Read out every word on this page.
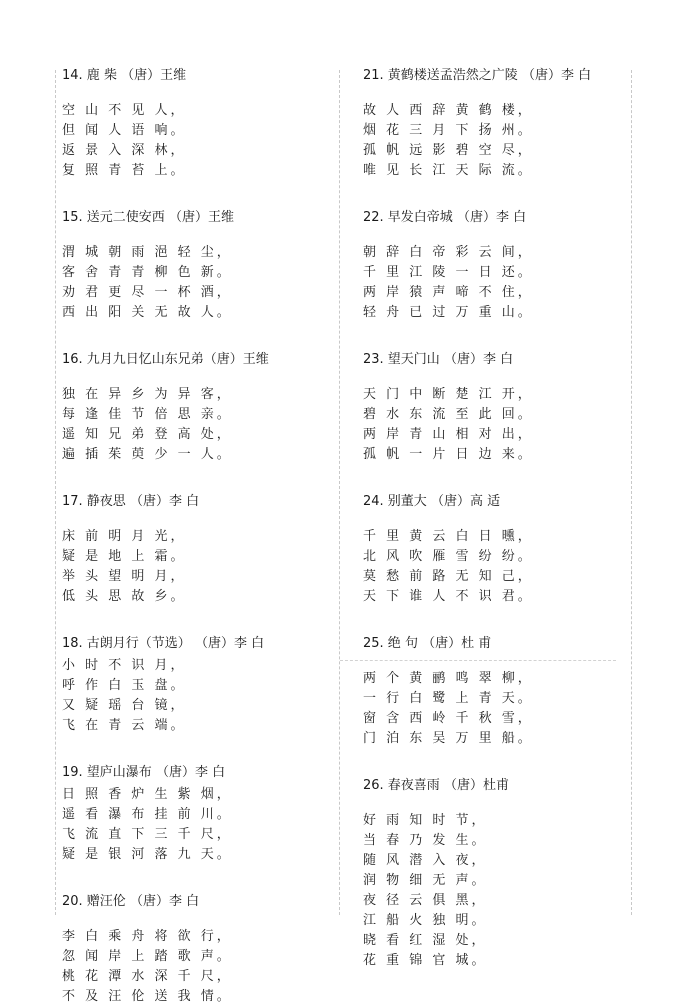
14. 鹿 柴 （唐）王维
空 山 不 见 人，
但 闻 人 语 响。
返 景 入 深 林，
复 照 青 苔 上。
15. 送元二使安西 （唐）王维
渭 城 朝 雨 浥 轻 尘，
客 舍 青 青 柳 色 新。
劝 君 更 尽 一 杯 酒，
西 出 阳 关 无 故 人。
16. 九月九日忆山东兄弟（唐）王维
独 在 异 乡 为 异 客，
每 逢 佳 节 倍 思 亲。
遥 知 兄 弟 登 高 处，
遍 插 茱 萸 少 一 人。
17. 静夜思 （唐）李 白
床 前 明 月 光，
疑 是 地 上 霜。
举 头 望 明 月，
低 头 思 故 乡。
18. 古朗月行（节选） （唐）李 白
小 时 不 识 月，
呼 作 白 玉 盘。
又 疑 瑶 台 镜，
飞 在 青 云 端。
19. 望庐山瀑布 （唐）李 白
日 照 香 炉 生 紫 烟，
遥 看 瀑 布 挂 前 川。
飞 流 直 下 三 千 尺，
疑 是 银 河 落 九 天。
20. 赠汪伦 （唐）李 白
李 白 乘 舟 将 欲 行，
忽 闻 岸 上 踏 歌 声。
桃 花 潭 水 深 千 尺，
不 及 汪 伦 送 我 情。
21. 黄鹤楼送孟浩然之广陵 （唐）李 白
故 人 西 辞 黄 鹤 楼，
烟 花 三 月 下 扬 州。
孤 帆 远 影 碧 空 尽，
唯 见 长 江 天 际 流。
22. 早发白帝城 （唐）李 白
朝 辞 白 帝 彩 云 间，
千 里 江 陵 一 日 还。
两 岸 猿 声 啼 不 住，
轻 舟 已 过 万 重 山。
23. 望天门山 （唐）李 白
天 门 中 断 楚 江 开，
碧 水 东 流 至 此 回。
两 岸 青 山 相 对 出，
孤 帆 一 片 日 边 来。
24. 别董大 （唐）高 适
千 里 黄 云 白 日 曛，
北 风 吹 雁 雪 纷 纷。
莫 愁 前 路 无 知 己，
天 下 谁 人 不 识 君。
25. 绝 句 （唐）杜 甫
两 个 黄 鹂 鸣 翠 柳，
一 行 白 鹭 上 青 天。
窗 含 西 岭 千 秋 雪，
门 泊 东 吴 万 里 船。
26. 春夜喜雨 （唐）杜甫
好 雨 知 时 节，
当 春 乃 发 生。
随 风 潜 入 夜，
润 物 细 无 声。
夜 径 云 俱 黑，
江 船 火 独 明。
晓 看 红 湿 处，
花 重 锦 官 城。
